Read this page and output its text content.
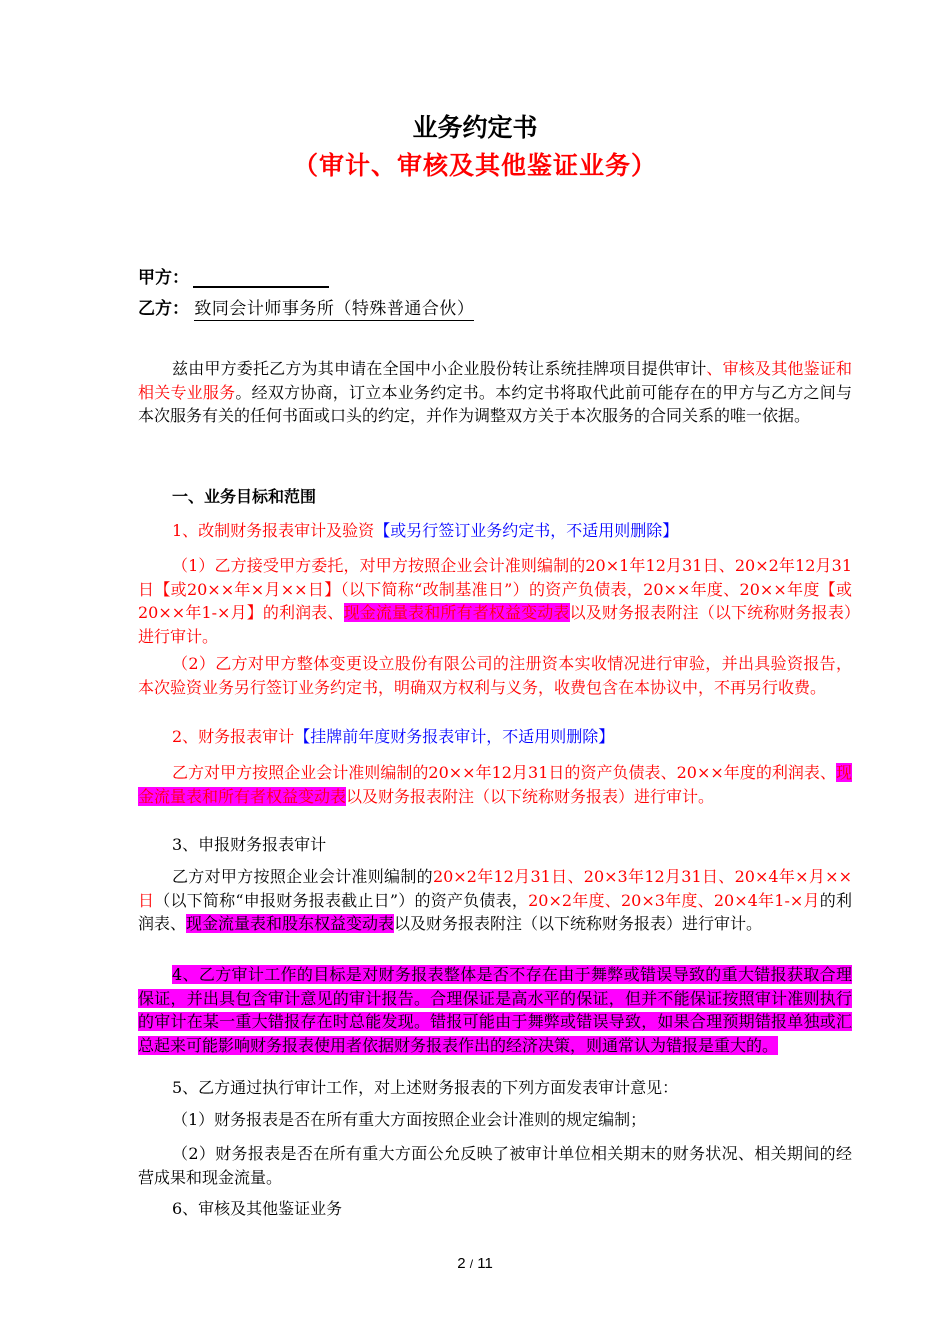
业务约定书
（审计、审核及其他鉴证业务）
甲方：
乙方： 致同会计师事务所（特殊普通合伙）
兹由甲方委托乙方为其申请在全国中小企业股份转让系统挂牌项目提供审计、审核及其他鉴证和相关专业服务。经双方协商，订立本业务约定书。本约定书将取代此前可能存在的甲方与乙方之间与本次服务有关的任何书面或口头的约定，并作为调整双方关于本次服务的合同关系的唯一依据。
一、业务目标和范围
1、改制财务报表审计及验资【或另行签订业务约定书，不适用则删除】
（1）乙方接受甲方委托，对甲方按照企业会计准则编制的20×1年12月31日、20×2年12月31日【或20××年×月××日】（以下简称“改制基准日”）的资产负债表，20××年度、20××年度【或20××年1-×月】的利润表、现金流量表和所有者权益变动表以及财务报表附注（以下统称财务报表）进行审计。
（2）乙方对甲方整体变更设立股份有限公司的注册资本实收情况进行审验，并出具验资报告，本次验资业务另行签订业务约定书，明确双方权利与义务，收费包含在本协议中，不再另行收费。
2、财务报表审计【挂牌前年度财务报表审计，不适用则删除】
乙方对甲方按照企业会计准则编制的20××年12月31日的资产负债表、20××年度的利润表、现金流量表和所有者权益变动表以及财务报表附注（以下统称财务报表）进行审计。
3、申报财务报表审计
乙方对甲方按照企业会计准则编制的20×2年12月31日、20×3年12月31日、20×4年×月××日（以下简称“申报财务报表截止日”）的资产负债表，20×2年度、20×3年度、20×4年1-×月的利润表、现金流量表和股东权益变动表以及财务报表附注（以下统称财务报表）进行审计。
4、乙方审计工作的目标是对财务报表整体是否不存在由于舞弊或错误导致的重大错报获取合理保证，并出具包含审计意见的审计报告。合理保证是高水平的保证，但并不能保证按照审计准则执行的审计在某一重大错报存在时总能发现。错报可能由于舞弊或错误导致，如果合理预期错报单独或汇总起来可能影响财务报表使用者依据财务报表作出的经济决策，则通常认为错报是重大的。
5、乙方通过执行审计工作，对上述财务报表的下列方面发表审计意见：
（1）财务报表是否在所有重大方面按照企业会计准则的规定编制；
（2）财务报表是否在所有重大方面公允反映了被审计单位相关期末的财务状况、相关期间的经营成果和现金流量。
6、审核及其他鉴证业务
2 / 11
